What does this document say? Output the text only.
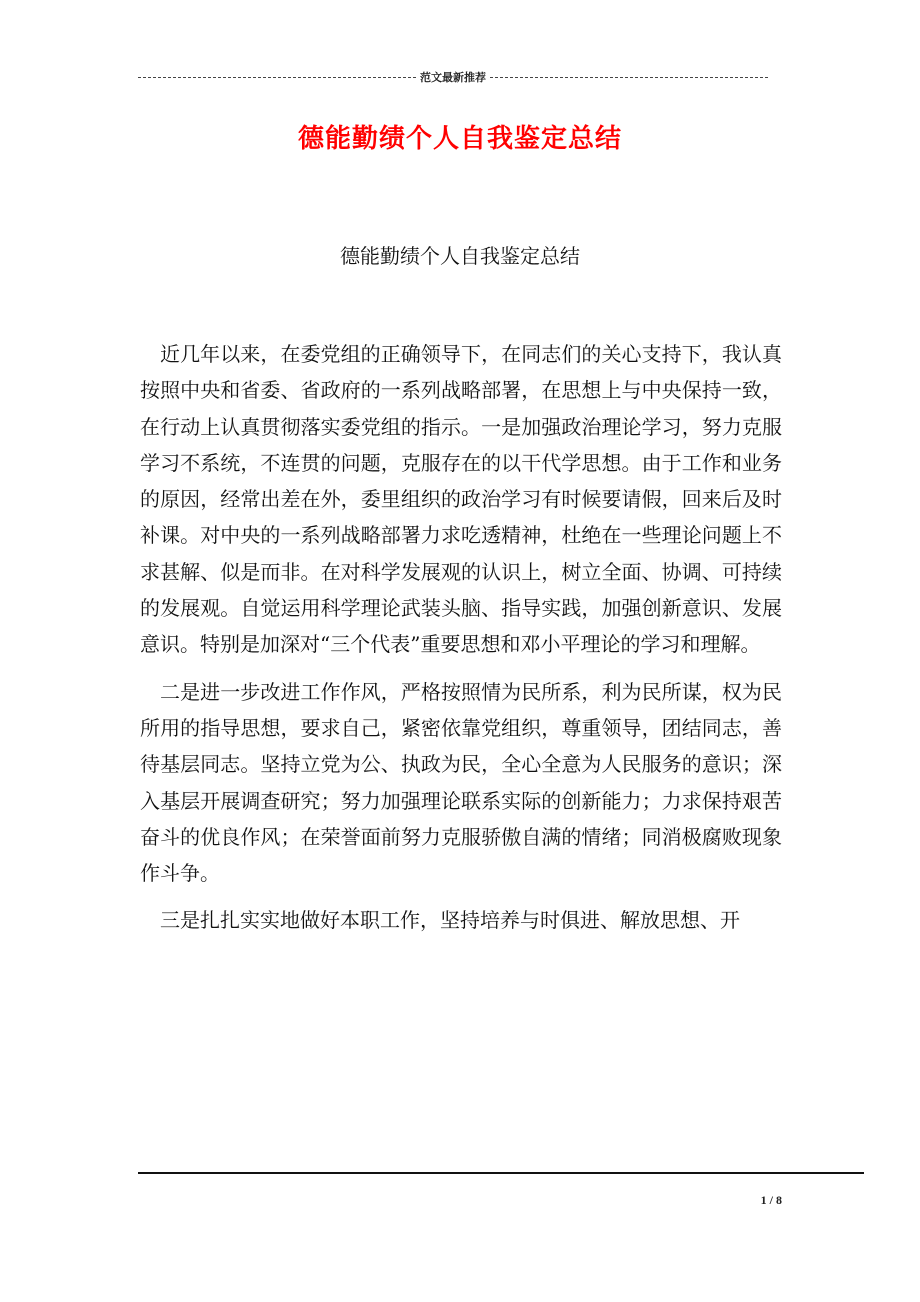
范文最新推荐
德能勤绩个人自我鉴定总结
德能勤绩个人自我鉴定总结

近几年以来，在委党组的正确领导下，在同志们的关心支持下，我认真按照中央和省委、省政府的一系列战略部署，在思想上与中央保持一致，在行动上认真贯彻落实委党组的指示。一是加强政治理论学习，努力克服学习不系统，不连贯的问题，克服存在的以干代学思想。由于工作和业务的原因，经常出差在外，委里组织的政治学习有时候要请假，回来后及时补课。对中央的一系列战略部署力求吃透精神，杜绝在一些理论问题上不求甚解、似是而非。在对科学发展观的认识上，树立全面、协调、可持续的发展观。自觉运用科学理论武装头脑、指导实践，加强创新意识、发展意识。特别是加深对“三个代表”重要思想和邓小平理论的学习和理解。

二是进一步改进工作作风，严格按照情为民所系，利为民所谋，权为民所用的指导思想，要求自己，紧密依靠党组织，尊重领导，团结同志，善待基层同志。坚持立党为公、执政为民，全心全意为人民服务的意识；深入基层开展调查研究；努力加强理论联系实际的创新能力；力求保持艰苦奋斗的优良作风；在荣誉面前努力克服骄傲自满的情绪；同消极腐败现象作斗争。

三是扎扎实实地做好本职工作，坚持培养与时俱进、解放思想、开

1 / 8
